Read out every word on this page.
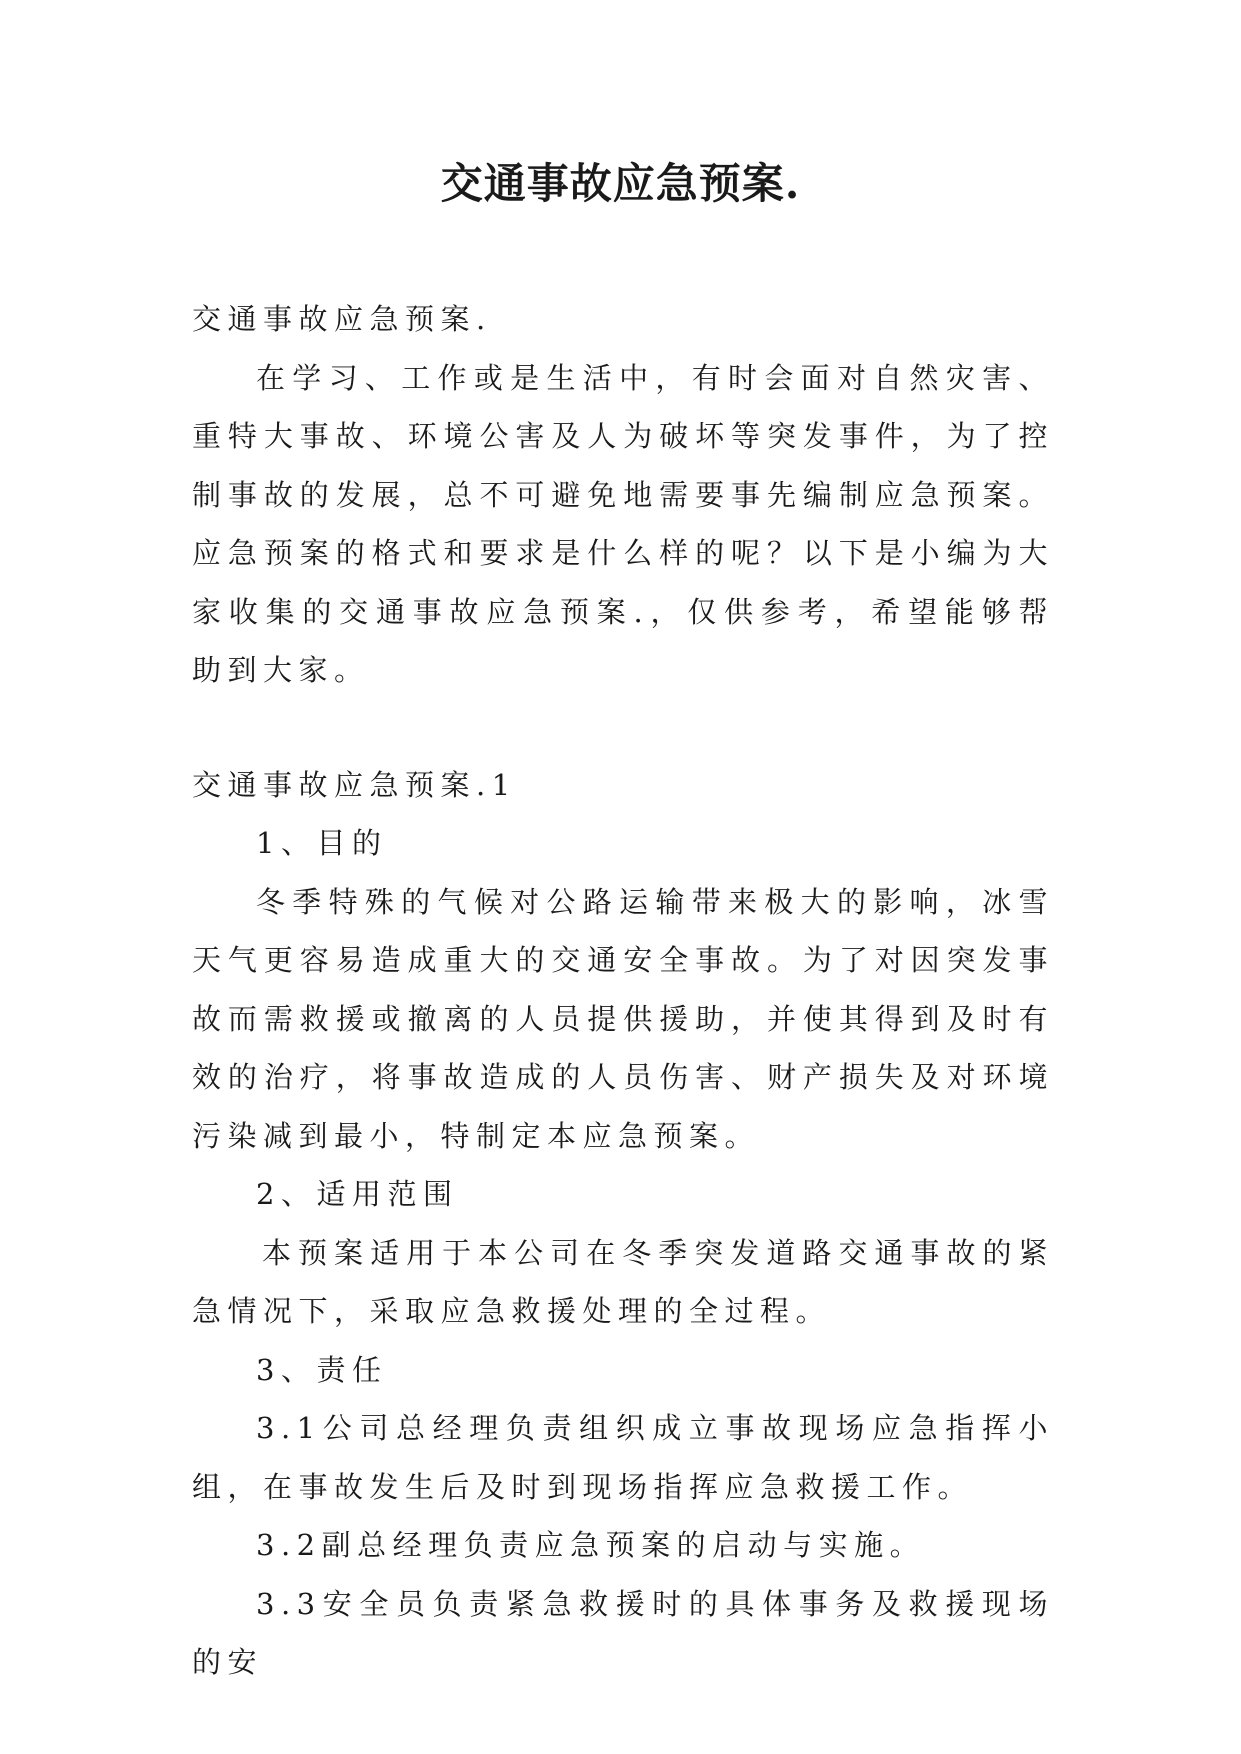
交通事故应急预案.

交通事故应急预案.

在学习、工作或是生活中，有时会面对自然灾害、重特大事故、环境公害及人为破坏等突发事件，为了控制事故的发展，总不可避免地需要事先编制应急预案。应急预案的格式和要求是什么样的呢？以下是小编为大家收集的交通事故应急预案.，仅供参考，希望能够帮助到大家。

交通事故应急预案.1

1、目的

冬季特殊的气候对公路运输带来极大的影响，冰雪天气更容易造成重大的交通安全事故。为了对因突发事故而需救援或撤离的人员提供援助，并使其得到及时有效的治疗，将事故造成的人员伤害、财产损失及对环境污染减到最小，特制定本应急预案。

2、适用范围

本预案适用于本公司在冬季突发道路交通事故的紧急情况下，采取应急救援处理的全过程。

3、责任

3.1公司总经理负责组织成立事故现场应急指挥小组，在事故发生后及时到现场指挥应急救援工作。

3.2副总经理负责应急预案的启动与实施。

3.3安全员负责紧急救援时的具体事务及救援现场的安
